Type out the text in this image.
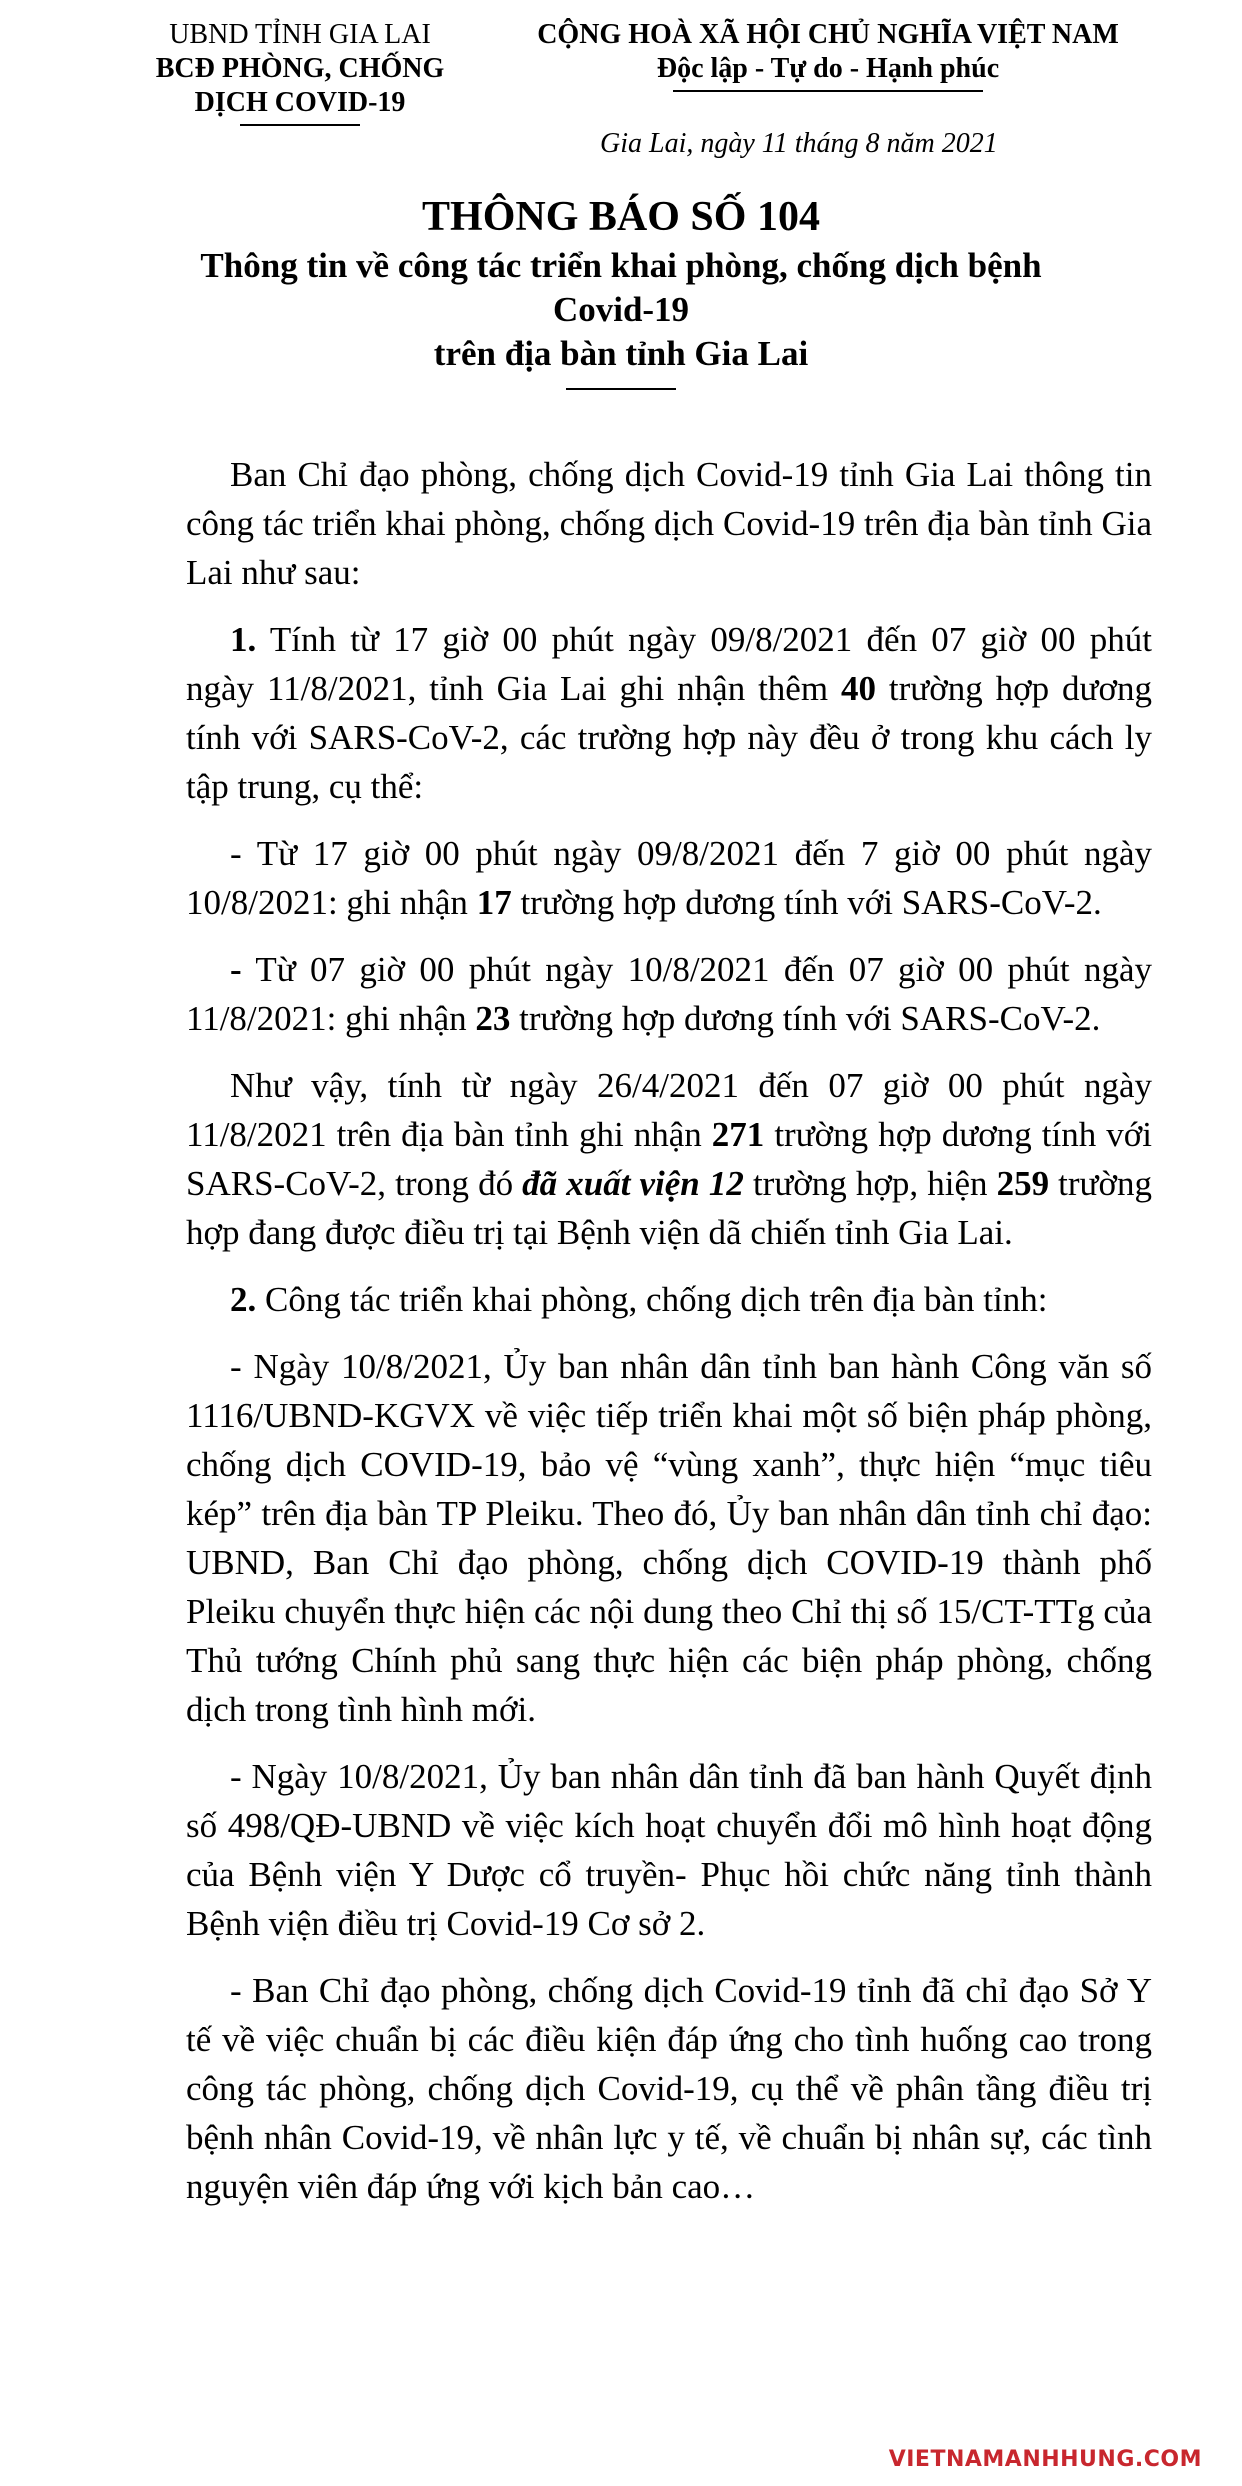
UBND TỈNH GIA LAI
BCĐ PHÒNG, CHỐNG
DỊCH COVID-19
CỘNG HOÀ XÃ HỘI CHỦ NGHĨA VIỆT NAM
Độc lập - Tự do - Hạnh phúc
Gia Lai, ngày 11 tháng 8 năm 2021
THÔNG BÁO SỐ 104
Thông tin về công tác triển khai phòng, chống dịch bệnh
Covid-19
trên địa bàn tỉnh Gia Lai

Ban Chỉ đạo phòng, chống dịch Covid-19 tỉnh Gia Lai thông tin công tác triển khai phòng, chống dịch Covid-19 trên địa bàn tỉnh Gia Lai như sau:

1. Tính từ 17 giờ 00 phút ngày 09/8/2021 đến 07 giờ 00 phút ngày 11/8/2021, tỉnh Gia Lai ghi nhận thêm 40 trường hợp dương tính với SARS-CoV-2, các trường hợp này đều ở trong khu cách ly tập trung, cụ thể:

- Từ 17 giờ 00 phút ngày 09/8/2021 đến 7 giờ 00 phút ngày 10/8/2021: ghi nhận 17 trường hợp dương tính với SARS-CoV-2.

- Từ 07 giờ 00 phút ngày 10/8/2021 đến 07 giờ 00 phút ngày 11/8/2021: ghi nhận 23 trường hợp dương tính với SARS-CoV-2.

Như vậy, tính từ ngày 26/4/2021 đến 07 giờ 00 phút ngày 11/8/2021 trên địa bàn tỉnh ghi nhận 271 trường hợp dương tính với SARS-CoV-2, trong đó đã xuất viện 12 trường hợp, hiện 259 trường hợp đang được điều trị tại Bệnh viện dã chiến tỉnh Gia Lai.

2. Công tác triển khai phòng, chống dịch trên địa bàn tỉnh:

- Ngày 10/8/2021, Ủy ban nhân dân tỉnh ban hành Công văn số 1116/UBND-KGVX về việc tiếp triển khai một số biện pháp phòng, chống dịch COVID-19, bảo vệ “vùng xanh”, thực hiện “mục tiêu kép” trên địa bàn TP Pleiku. Theo đó, Ủy ban nhân dân tỉnh chỉ đạo: UBND, Ban Chỉ đạo phòng, chống dịch COVID-19 thành phố Pleiku chuyển thực hiện các nội dung theo Chỉ thị số 15/CT-TTg của Thủ tướng Chính phủ sang thực hiện các biện pháp phòng, chống dịch trong tình hình mới.

- Ngày 10/8/2021, Ủy ban nhân dân tỉnh đã ban hành Quyết định số 498/QĐ-UBND về việc kích hoạt chuyển đổi mô hình hoạt động của Bệnh viện Y Dược cổ truyền- Phục hồi chức năng tỉnh thành Bệnh viện điều trị Covid-19 Cơ sở 2.

- Ban Chỉ đạo phòng, chống dịch Covid-19 tỉnh đã chỉ đạo Sở Y tế về việc chuẩn bị các điều kiện đáp ứng cho tình huống cao trong công tác phòng, chống dịch Covid-19, cụ thể về phân tầng điều trị bệnh nhân Covid-19, về nhân lực y tế, về chuẩn bị nhân sự, các tình nguyện viên đáp ứng với kịch bản cao…

VIETNAMANHHUNG.COM
